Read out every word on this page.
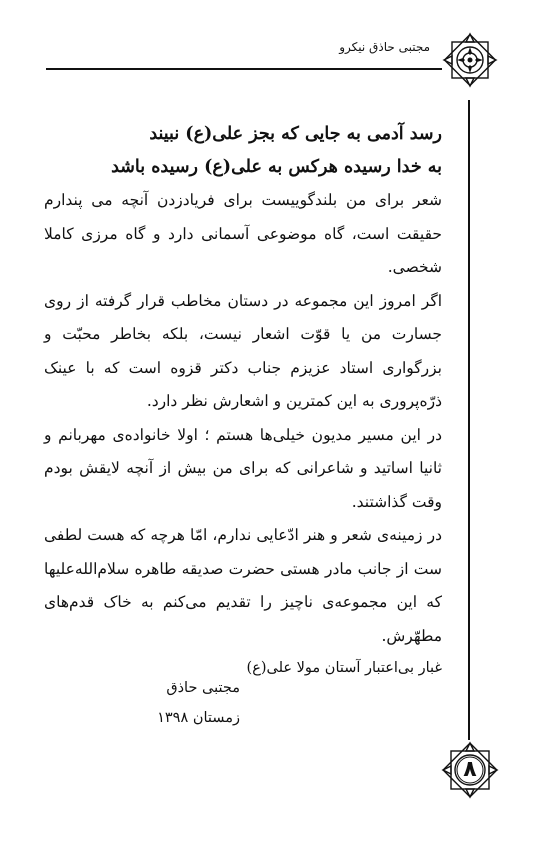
مجتبی حاذق نیکرو
۸
رسد آدمی به جایی که بجز علی(ع) نبیند
به خدا رسیده هرکس به علی(ع) رسیده باشد

شعر برای من بلندگوییست برای فریادزدن آنچه می پندارم حقیقت است، گاه موضوعی آسمانی دارد و گاه مرزی کاملا شخصی.

اگر امروز این مجموعه در دستان مخاطب قرار گرفته از روی جسارت من یا قوّت اشعار نیست، بلکه بخاطر محبّت و بزرگواری استاد عزیزم جناب دکتر قزوه است که با عینک ذرّه‌پروری به این کمترین و اشعارش نظر دارد.

در این مسیر مدیون خیلی‌ها هستم ؛ اولا خانواده‌ی مهربانم و ثانیا اساتید و شاعرانی که برای من بیش از آنچه لایقش بودم وقت گذاشتند.

در زمینه‌ی شعر و هنر ادّعایی ندارم، امّا هرچه که هست لطفی ست از جانب مادر هستی حضرت صدیقه طاهره سلام‌الله‌علیها که این مجموعه‌ی ناچیز را تقدیم می‌کنم به خاک قدم‌های مطهّرش.

غبار بی‌اعتبار آستان مولا علی(ع)
مجتبی حاذق
زمستان ۱۳۹۸
